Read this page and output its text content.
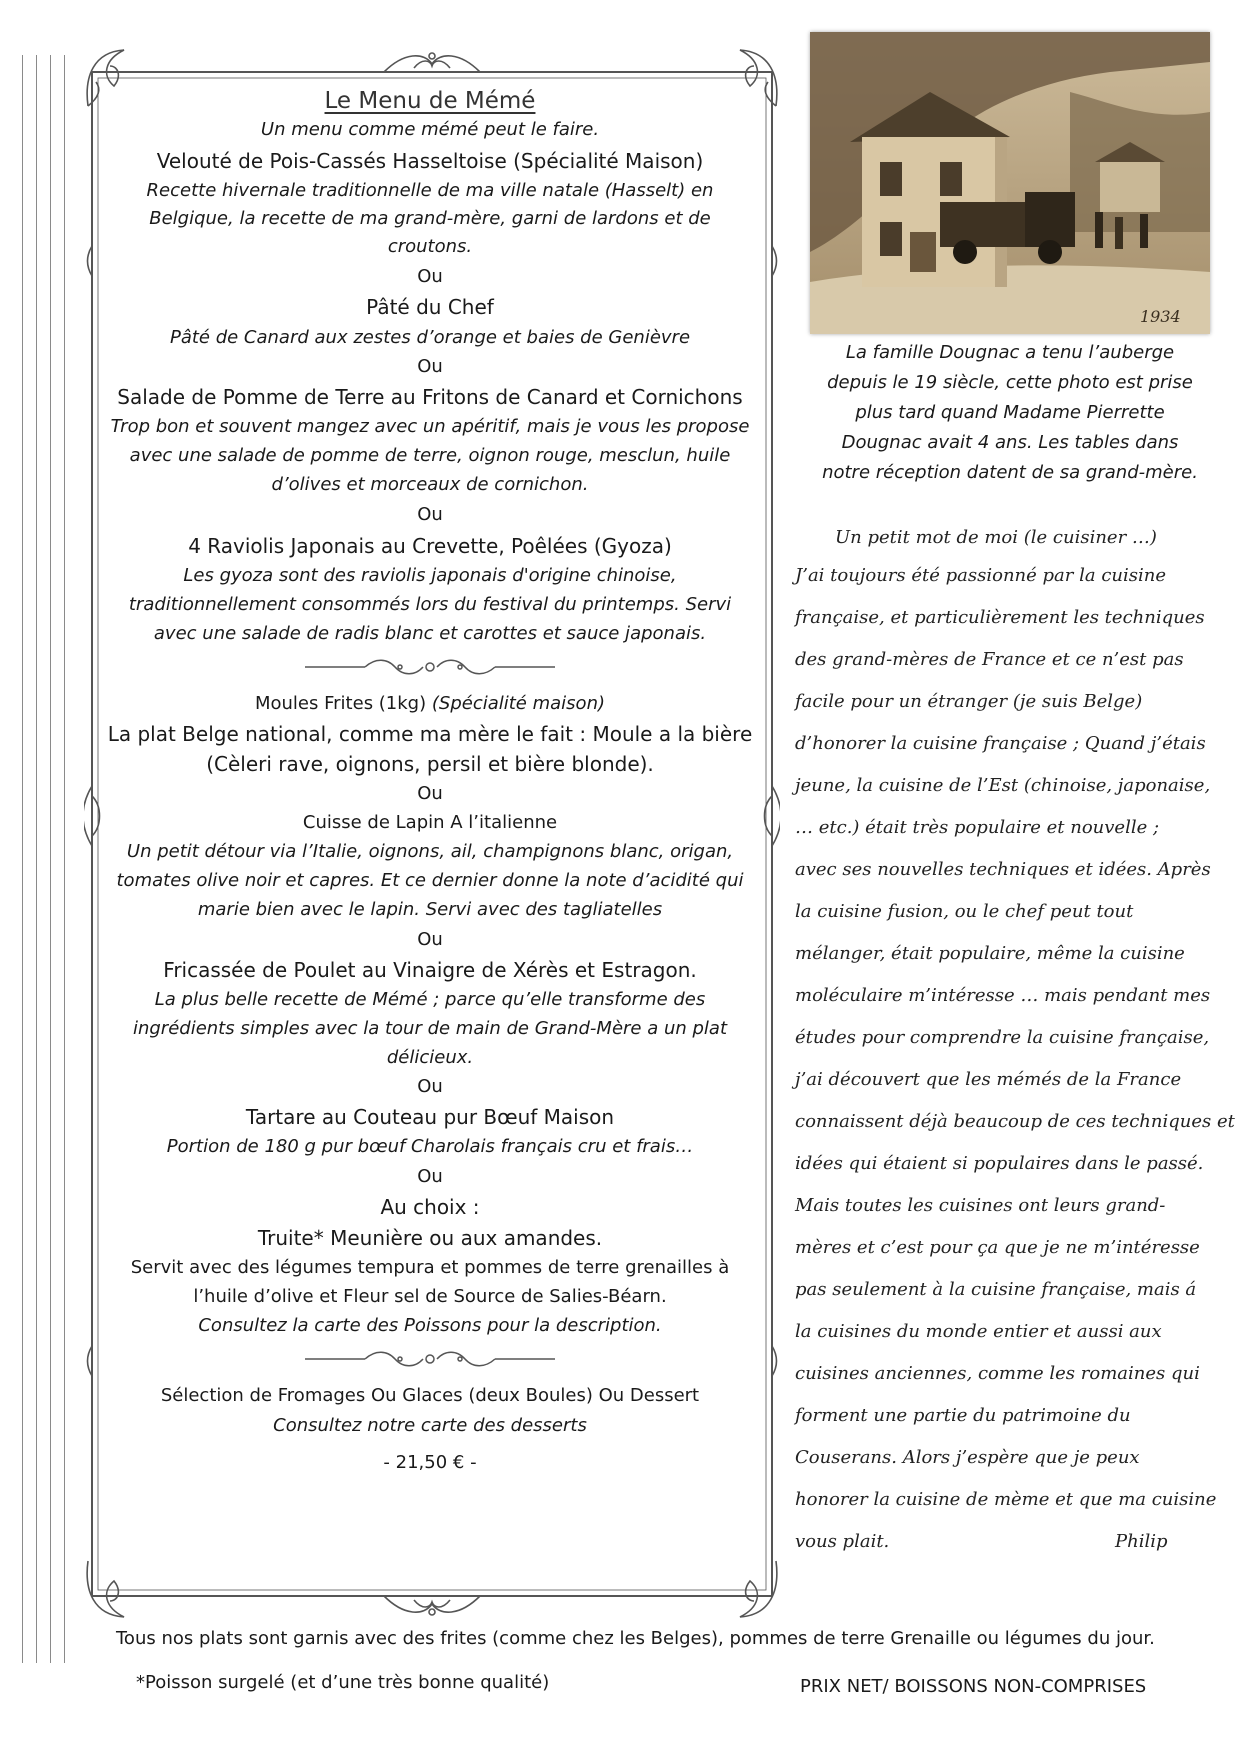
Le Menu de Mémé
Un menu comme mémé peut le faire.
Velouté de Pois-Cassés Hasseltoise (Spécialité Maison)
Recette hivernale traditionnelle de ma ville natale (Hasselt) en
Belgique, la recette de ma grand-mère, garni de lardons et de
croutons.
Ou
Pâté du Chef
Pâté de Canard aux zestes d’orange et baies de Genièvre
Ou
Salade de Pomme de Terre au Fritons de Canard et Cornichons
Trop bon et souvent mangez avec un apéritif, mais je vous les propose
avec une salade de pomme de terre, oignon rouge, mesclun, huile
d’olives et morceaux de cornichon.
Ou
4 Raviolis Japonais au Crevette, Poêlées (Gyoza)
Les gyoza sont des raviolis japonais d'origine chinoise,
traditionnellement consommés lors du festival du printemps. Servi
avec une salade de radis blanc et carottes et sauce japonais.
Moules Frites (1kg) (Spécialité maison)
La plat Belge national, comme ma mère le fait : Moule a la bière
(Cèleri rave, oignons, persil et bière blonde).
Ou
Cuisse de Lapin A l’italienne
Un petit détour via l’Italie, oignons, ail, champignons blanc, origan,
tomates olive noir et capres. Et ce dernier donne la note d’acidité qui
marie bien avec le lapin. Servi avec des tagliatelles
Ou
Fricassée de Poulet au Vinaigre de Xérès et Estragon.
La plus belle recette de Mémé ; parce qu’elle transforme des
ingrédients simples avec la tour de main de Grand-Mère a un plat
délicieux.
Ou
Tartare au Couteau pur Bœuf Maison
Portion de 180 g pur bœuf Charolais français cru et frais…
Ou
Au choix :
Truite* Meunière ou aux amandes.
Servit avec des légumes tempura et pommes de terre grenailles à
l’huile d’olive et Fleur sel de Source de Salies-Béarn.
Consultez la carte des Poissons pour la description.
Sélection de Fromages Ou Glaces (deux Boules) Ou Dessert
Consultez notre carte des desserts
- 21,50 € -
1934
La famille Dougnac a tenu l’auberge
depuis le 19 siècle, cette photo est prise
plus tard quand Madame Pierrette
Dougnac avait 4 ans. Les tables dans
notre réception datent de sa grand-mère.
Un petit mot de moi (le cuisiner …)
J’ai toujours été passionné par la cuisine
française, et particulièrement les techniques
des grand-mères de France et ce n’est pas
facile pour un étranger (je suis Belge)
d’honorer la cuisine française ; Quand j’étais
jeune, la cuisine de l’Est (chinoise, japonaise,
… etc.) était très populaire et nouvelle ;
avec ses nouvelles techniques et idées. Après
la cuisine fusion, ou le chef peut tout
mélanger, était populaire, même la cuisine
moléculaire m’intéresse … mais pendant mes
études pour comprendre la cuisine française,
j’ai découvert que les mémés de la France
connaissent déjà beaucoup de ces techniques et
idées qui étaient si populaires dans le passé.
Mais toutes les cuisines ont leurs grand-
mères et c’est pour ça que je ne m’intéresse
pas seulement à la cuisine française, mais á
la cuisines du monde entier et aussi aux
cuisines anciennes, comme les romaines qui
forment une partie du patrimoine du
Couserans. Alors j’espère que je peux
honorer la cuisine de mème et que ma cuisine
vous plait.	Philip
Tous nos plats sont garnis avec des frites (comme chez les Belges), pommes de terre Grenaille ou légumes du jour.
*Poisson surgelé (et d’une très bonne qualité)	PRIX NET/ BOISSONS NON-COMPRISES
